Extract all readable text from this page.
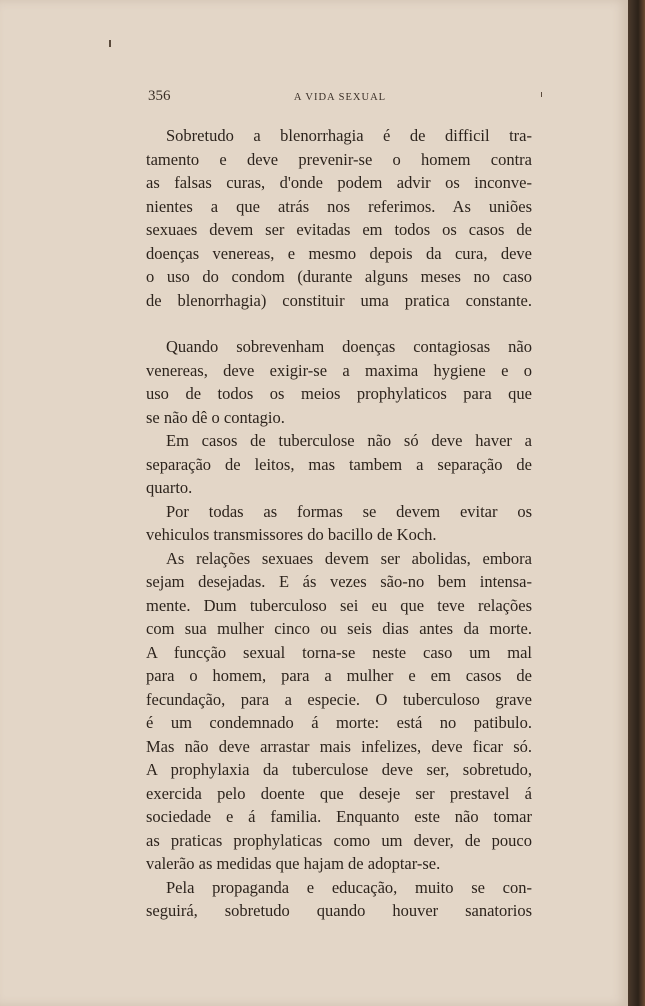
356	A VIDA SEXUAL
Sobretudo a blenorrhagia é de difficil tra-
tamento e deve prevenir-se o homem contra
as falsas curas, d'onde podem advir os inconve-
nientes a que atrás nos referimos. As uniões
sexuaes devem ser evitadas em todos os casos de
doenças venereas, e mesmo depois da cura, deve
o uso do condom (durante alguns meses no caso
de blenorrhagia) constituir uma pratica constante.
Quando sobrevenham doenças contagiosas não
venereas, deve exigir-se a maxima hygiene e o
uso de todos os meios prophylaticos para que
se não dê o contagio.
Em casos de tuberculose não só deve haver a
separação de leitos, mas tambem a separação de
quarto.
Por todas as formas se devem evitar os
vehiculos transmissores do bacillo de Koch.
As relações sexuaes devem ser abolidas, embora
sejam desejadas. E ás vezes são-no bem intensa-
mente. Dum tuberculoso sei eu que teve relações
com sua mulher cinco ou seis dias antes da morte.
A funcção sexual torna-se neste caso um mal
para o homem, para a mulher e em casos de
fecundação, para a especie. O tuberculoso grave
é um condemnado á morte: está no patibulo.
Mas não deve arrastar mais infelizes, deve ficar só.
A prophylaxia da tuberculose deve ser, sobretudo,
exercida pelo doente que deseje ser prestavel á
sociedade e á familia. Enquanto este não tomar
as praticas prophylaticas como um dever, de pouco
valerão as medidas que hajam de adoptar-se.
Pela propaganda e educação, muito se con-
seguirá, sobretudo quando houver sanatorios
